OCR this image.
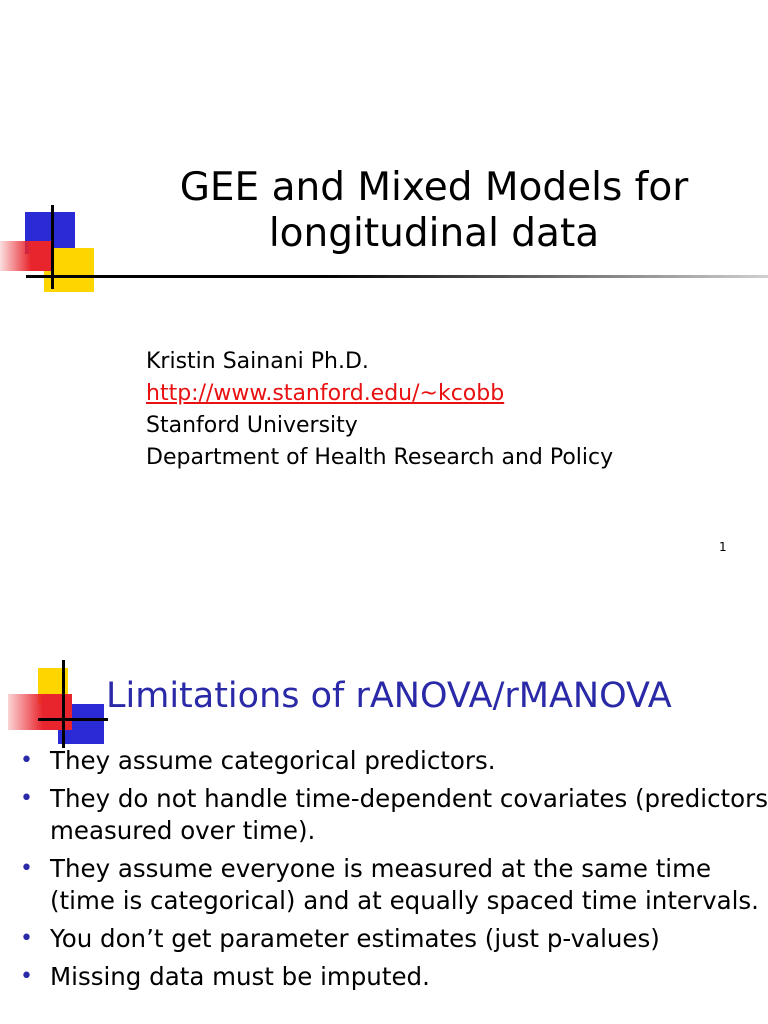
GEE and Mixed Models for
longitudinal data
Kristin Sainani Ph.D.
http://www.stanford.edu/~kcobb
Stanford University
Department of Health Research and Policy
1
Limitations of rANOVA/rMANOVA
• They assume categorical predictors.
• They do not handle time-dependent covariates (predictors measured over time).
• They assume everyone is measured at the same time (time is categorical) and at equally spaced time intervals.
• You don’t get parameter estimates (just p-values)
• Missing data must be imputed.
